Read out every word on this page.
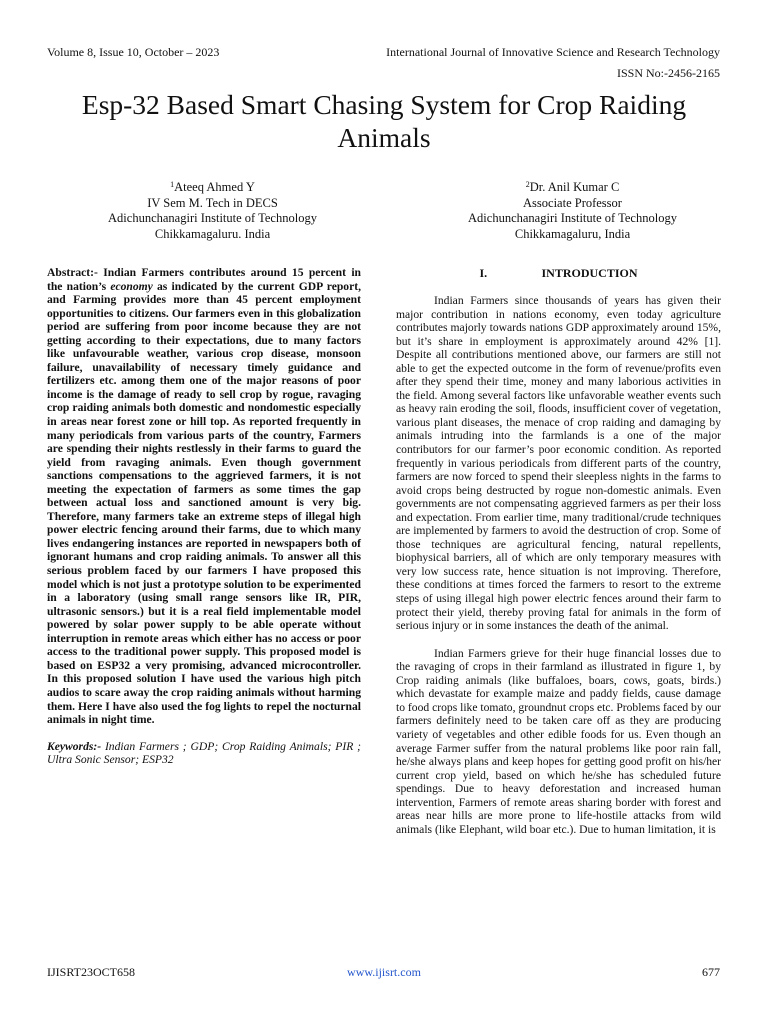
Volume 8, Issue 10, October – 2023	International Journal of Innovative Science and Research Technology
ISSN No:-2456-2165
Esp-32 Based Smart Chasing System for Crop Raiding Animals
$^1$Ateeq Ahmed Y
IV Sem M. Tech in DECS
Adichunchanagiri Institute of Technology
Chikkamagaluru. India
$^2$Dr. Anil Kumar C
Associate Professor
Adichunchanagiri Institute of Technology
Chikkamagaluru, India

Abstract:- Indian Farmers contributes around 15 percent in the nation’s economy as indicated by the current GDP report, and Farming provides more than 45 percent employment opportunities to citizens. Our farmers even in this globalization period are suffering from poor income because they are not getting according to their expectations, due to many factors like unfavourable weather, various crop disease, monsoon failure, unavailability of necessary timely guidance and fertilizers etc. among them one of the major reasons of poor income is the damage of ready to sell crop by rogue, ravaging crop raiding animals both domestic and nondomestic especially in areas near forest zone or hill top. As reported frequently in many periodicals from various parts of the country, Farmers are spending their nights restlessly in their farms to guard the yield from ravaging animals. Even though government sanctions compensations to the aggrieved farmers, it is not meeting the expectation of farmers as some times the gap between actual loss and sanctioned amount is very big. Therefore, many farmers take an extreme steps of illegal high power electric fencing around their farms, due to which many lives endangering instances are reported in newspapers both of ignorant humans and crop raiding animals. To answer all this serious problem faced by our farmers I have proposed this model which is not just a prototype solution to be experimented in a laboratory (using small range sensors like IR, PIR, ultrasonic sensors.) but it is a real field implementable model powered by solar power supply to be able operate without interruption in remote areas which either has no access or poor access to the traditional power supply. This proposed model is based on ESP32 a very promising, advanced microcontroller. In this proposed solution I have used the various high pitch audios to scare away the crop raiding animals without harming them. Here I have also used the fog lights to repel the nocturnal animals in night time.

Keywords:- Indian Farmers ; GDP; Crop Raiding Animals; PIR ; Ultra Sonic Sensor; ESP32

I.	INTRODUCTION

Indian Farmers since thousands of years has given their major contribution in nations economy, even today agriculture contributes majorly towards nations GDP approximately around 15%, but it’s share in employment is approximately around 42% [1]. Despite all contributions mentioned above, our farmers are still not able to get the expected outcome in the form of revenue/profits even after they spend their time, money and many laborious activities in the field. Among several factors like unfavorable weather events such as heavy rain eroding the soil, floods, insufficient cover of vegetation, various plant diseases, the menace of crop raiding and damaging by animals intruding into the farmlands is a one of the major contributors for our farmer’s poor economic condition. As reported frequently in various periodicals from different parts of the country, farmers are now forced to spend their sleepless nights in the farms to avoid crops being destructed by rogue non-domestic animals. Even governments are not compensating aggrieved farmers as per their loss and expectation. From earlier time, many traditional/crude techniques are implemented by farmers to avoid the destruction of crop. Some of those techniques are agricultural fencing, natural repellents, biophysical barriers, all of which are only temporary measures with very low success rate, hence situation is not improving. Therefore, these conditions at times forced the farmers to resort to the extreme steps of using illegal high power electric fences around their farm to protect their yield, thereby proving fatal for animals in the form of serious injury or in some instances the death of the animal.

Indian Farmers grieve for their huge financial losses due to the ravaging of crops in their farmland as illustrated in figure 1, by Crop raiding animals (like buffaloes, boars, cows, goats, birds.) which devastate for example maize and paddy fields, cause damage to food crops like tomato, groundnut crops etc. Problems faced by our farmers definitely need to be taken care off as they are producing variety of vegetables and other edible foods for us. Even though an average Farmer suffer from the natural problems like poor rain fall, he/she always plans and keep hopes for getting good profit on his/her current crop yield, based on which he/she has scheduled future spendings. Due to heavy deforestation and increased human intervention, Farmers of remote areas sharing border with forest and areas near hills are more prone to life-hostile attacks from wild animals (like Elephant, wild boar etc.). Due to human limitation, it is

IJISRT23OCT658	www.ijisrt.com	677
